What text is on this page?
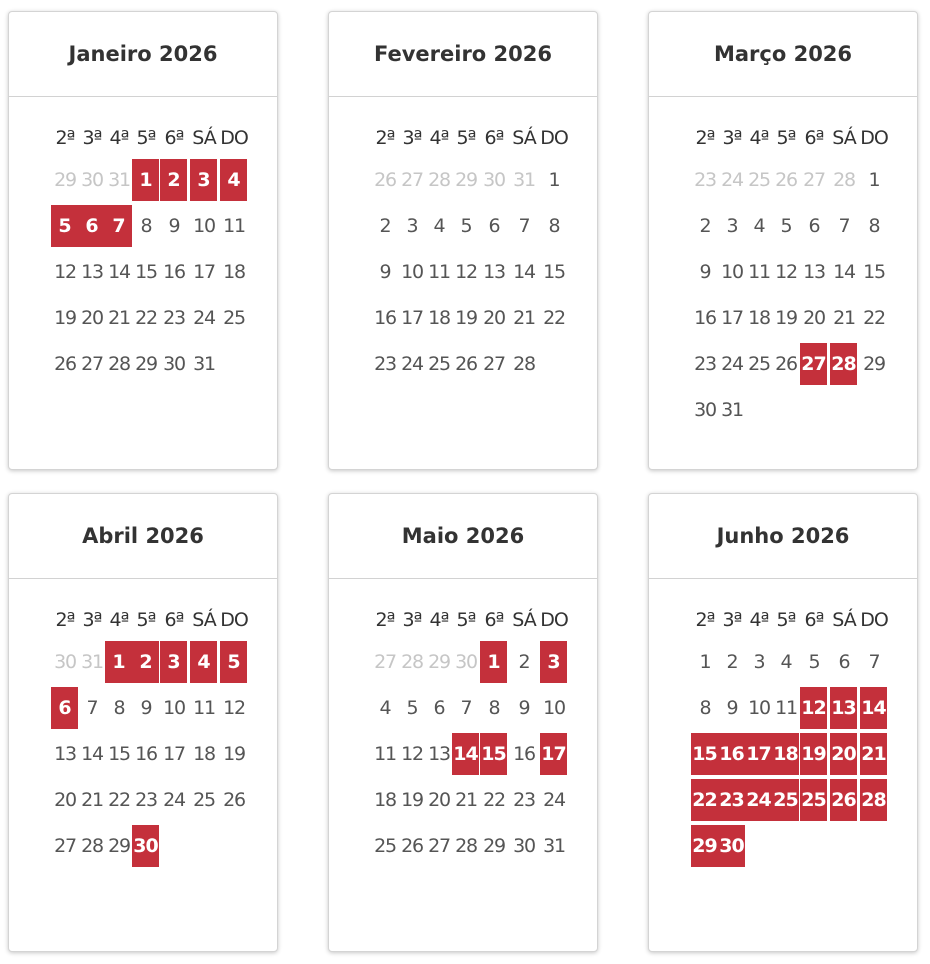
Janeiro 2026
2ª 3ª 4ª 5ª 6ª SÁ DO
29 30 31 1 2 3 4
5 6 7 8 9 10 11
12 13 14 15 16 17 18
19 20 21 22 23 24 25
26 27 28 29 30 31
Fevereiro 2026
2ª 3ª 4ª 5ª 6ª SÁ DO
26 27 28 29 30 31 1
2 3 4 5 6	7	8
9 10 11 12 13 14 15
16 17 18 19 20 21 22
23 24 25 26 27 28
Março 2026
2ª 3ª 4ª 5ª 6ª SÁ DO
23 24 25 26 27 28 1
2 3 4 5 6	7	8
9 10 11 12 13 14 15
16 17 18 19 20 21 22
23 24 25 26 27 28 29
30 31
Abril 2026
2ª 3ª 4ª 5ª 6ª SÁ DO
30 31 1 2 3 4 5
6 7 8 9 10 11 12
13 14 15 16 17 18 19
20 21 22 23 24 25 26
27 28 29 30
Maio 2026
2ª 3ª 4ª 5ª 6ª SÁ DO
27 28 29 30 1 2 3
4 5 6 7 8	9 10
11 12 13 14 15 16 17
18 19 20 21 22 23 24
25 26 27 28 29 30 31
Junho 2026
2ª 3ª 4ª 5ª 6ª SÁ DO
1 2 3 4 5	6	7
8 9 10 11 12 13 14
15 16 17 18 19 20 21
22 23 24 25 25 26 28
29 30
